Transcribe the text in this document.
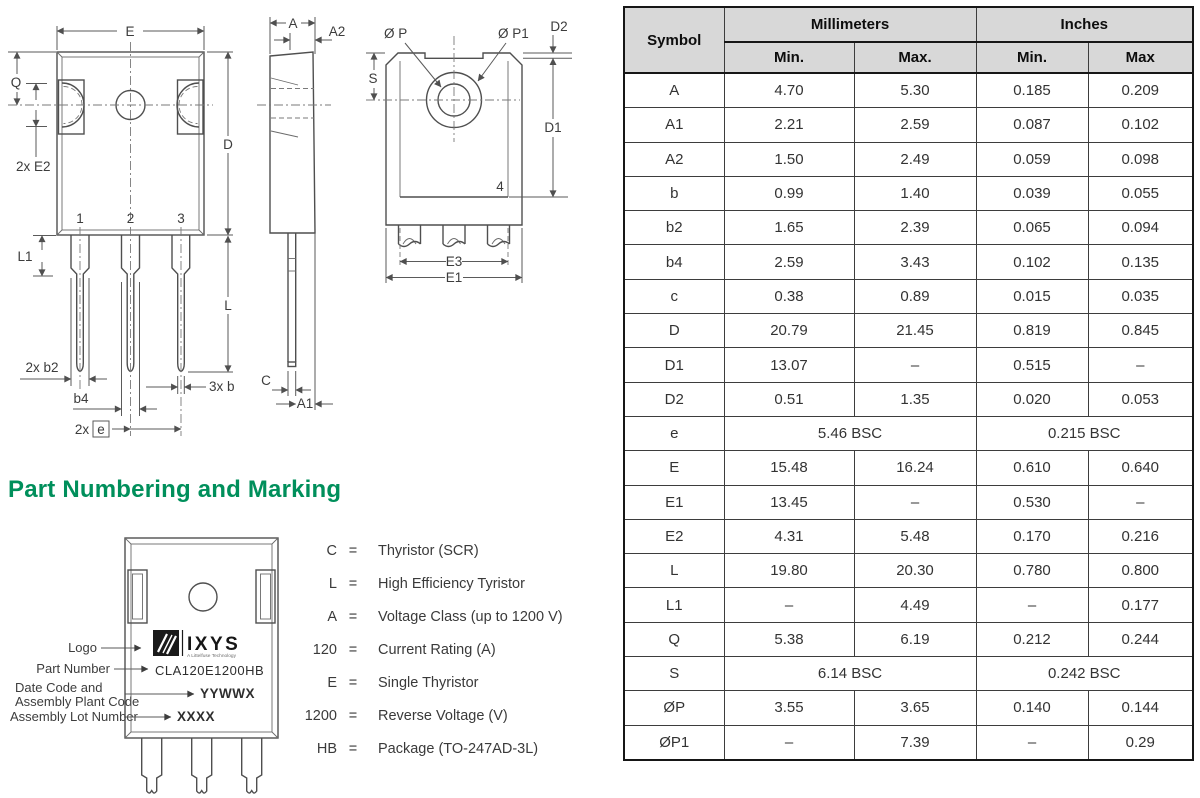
E
Q
2x E2
D
1	2	3
L1
L
2x b2
b4
3x b
2x e
A
A2
C
A1
Ø P	Ø P1 D2
S
D1
4
E3
E1
Part Numbering and Marking
Logo
Part Number
Date Code and
Assembly Plant Code
Assembly Lot Number
IXYS
A Littelfuse Technology
CLA120E1200HB
YYWWX
XXXX
C = Thyristor (SCR)
L = High Efficiency Tyristor
A = Voltage Class (up to 1200 V)
120 = Current Rating (A)
E = Single Thyristor
1200 = Reverse Voltage (V)
HB = Package (TO-247AD-3L)
Symbol	Millimeters		Inches	
	Min.	Max.	Min.	Max
A	4.70	5.30	0.185	0.209
A1	2.21	2.59	0.087	0.102
A2	1.50	2.49	0.059	0.098
b	0.99	1.40	0.039	0.055
b2	1.65	2.39	0.065	0.094
b4	2.59	3.43	0.102	0.135
c	0.38	0.89	0.015	0.035
D	20.79	21.45	0.819	0.845
D1	13.07	–	0.515	–
D2	0.51	1.35	0.020	0.053
e	5.46 BSC		0.215 BSC	
E	15.48	16.24	0.610	0.640
E1	13.45	–	0.530	–
E2	4.31	5.48	0.170	0.216
L	19.80	20.30	0.780	0.800
L1	–	4.49	–	0.177
Q	5.38	6.19	0.212	0.244
S	6.14 BSC		0.242 BSC	
ØP	3.55	3.65	0.140	0.144
ØP1	–	7.39	–	0.29
